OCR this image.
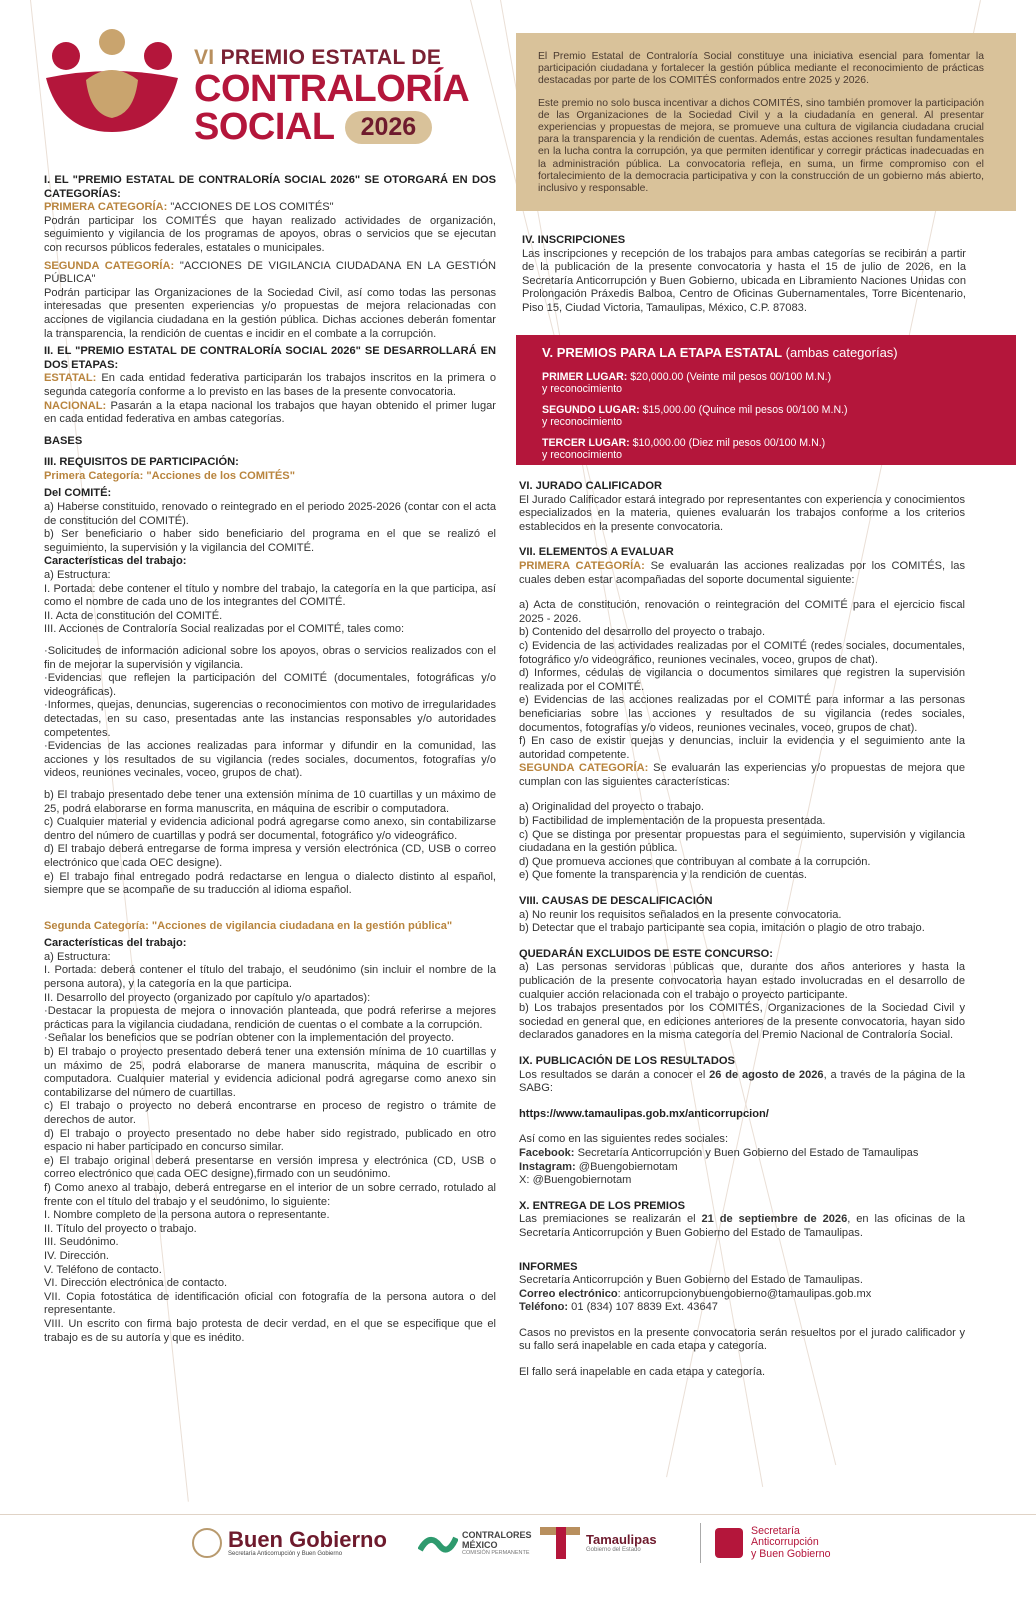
VI PREMIO ESTATAL DE
CONTRALORÍA
SOCIAL	2026

El Premio Estatal de Contraloría Social constituye una iniciativa esencial para fomentar la participación ciudadana y fortalecer la gestión pública mediante el reconocimiento de prácticas destacadas por parte de los COMITÉS conformados entre 2025 y 2026.

Este premio no solo busca incentivar a dichos COMITÉS, sino también promover la participación de las Organizaciones de la Sociedad Civil y a la ciudadanía en general. Al presentar experiencias y propuestas de mejora, se promueve una cultura de vigilancia ciudadana crucial para la transparencia y la rendición de cuentas. Además, estas acciones resultan fundamentales en la lucha contra la corrupción, ya que permiten identificar y corregir prácticas inadecuadas en la administración pública. La convocatoria refleja, en suma, un firme compromiso con el fortalecimiento de la democracia participativa y con la construcción de un gobierno más abierto, inclusivo y responsable.

I. EL "PREMIO ESTATAL DE CONTRALORÍA SOCIAL 2026" SE OTORGARÁ EN DOS CATEGORÍAS:

PRIMERA CATEGORÍA: "ACCIONES DE LOS COMITÉS"

Podrán participar los COMITÉS que hayan realizado actividades de organización, seguimiento y vigilancia de los programas de apoyos, obras o servicios que se ejecutan con recursos públicos federales, estatales o municipales.

SEGUNDA CATEGORÍA: "ACCIONES DE VIGILANCIA CIUDADANA EN LA GESTIÓN PÚBLICA"

Podrán participar las Organizaciones de la Sociedad Civil, así como todas las personas interesadas que presenten experiencias y/o propuestas de mejora relacionadas con acciones de vigilancia ciudadana en la gestión pública. Dichas acciones deberán fomentar la transparencia, la rendición de cuentas e incidir en el combate a la corrupción.

II. EL "PREMIO ESTATAL DE CONTRALORÍA SOCIAL 2026" SE DESARROLLARÁ EN DOS ETAPAS:

ESTATAL: En cada entidad federativa participarán los trabajos inscritos en la primera o segunda categoría conforme a lo previsto en las bases de la presente convocatoria.

NACIONAL: Pasarán a la etapa nacional los trabajos que hayan obtenido el primer lugar en cada entidad federativa en ambas categorías.

BASES

III. REQUISITOS DE PARTICIPACIÓN:

Primera Categoría: "Acciones de los COMITÉS"

Del COMITÉ:

a) Haberse constituido, renovado o reintegrado en el periodo 2025-2026 (contar con el acta de constitución del COMITÉ).

b) Ser beneficiario o haber sido beneficiario del programa en el que se realizó el seguimiento, la supervisión y la vigilancia del COMITÉ.

Características del trabajo:

a) Estructura:

I. Portada: debe contener el título y nombre del trabajo, la categoría en la que participa, así como el nombre de cada uno de los integrantes del COMITÉ.

II. Acta de constitución del COMITÉ.

III. Acciones de Contraloría Social realizadas por el COMITÉ, tales como:

·Solicitudes de información adicional sobre los apoyos, obras o servicios realizados con el fin de mejorar la supervisión y vigilancia.

·Evidencias que reflejen la participación del COMITÉ (documentales, fotográficas y/o videográficas).

·Informes, quejas, denuncias, sugerencias o reconocimientos con motivo de irregularidades detectadas, en su caso, presentadas ante las instancias responsables y/o autoridades competentes.

·Evidencias de las acciones realizadas para informar y difundir en la comunidad, las acciones y los resultados de su vigilancia (redes sociales, documentos, fotografías y/o videos, reuniones vecinales, voceo, grupos de chat).

b) El trabajo presentado debe tener una extensión mínima de 10 cuartillas y un máximo de 25, podrá elaborarse en forma manuscrita, en máquina de escribir o computadora.

c) Cualquier material y evidencia adicional podrá agregarse como anexo, sin contabilizarse dentro del número de cuartillas y podrá ser documental, fotográfico y/o videográfico.

d) El trabajo deberá entregarse de forma impresa y versión electrónica (CD, USB o correo electrónico que cada OEC designe).

e) El trabajo final entregado podrá redactarse en lengua o dialecto distinto al español, siempre que se acompañe de su traducción al idioma español.

Segunda Categoría: "Acciones de vigilancia ciudadana en la gestión pública"

Características del trabajo:

a) Estructura:

I. Portada: deberá contener el título del trabajo, el seudónimo (sin incluir el nombre de la persona autora), y la categoría en la que participa.

II. Desarrollo del proyecto (organizado por capítulo y/o apartados):

·Destacar la propuesta de mejora o innovación planteada, que podrá referirse a mejores prácticas para la vigilancia ciudadana, rendición de cuentas o el combate a la corrupción.

·Señalar los beneficios que se podrían obtener con la implementación del proyecto.

b) El trabajo o proyecto presentado deberá tener una extensión mínima de 10 cuartillas y un máximo de 25, podrá elaborarse de manera manuscrita, máquina de escribir o computadora. Cualquier material y evidencia adicional podrá agregarse como anexo sin contabilizarse del número de cuartillas.

c) El trabajo o proyecto no deberá encontrarse en proceso de registro o trámite de derechos de autor.

d) El trabajo o proyecto presentado no debe haber sido registrado, publicado en otro espacio ni haber participado en concurso similar.

e) El trabajo original deberá presentarse en versión impresa y electrónica (CD, USB o correo electrónico que cada OEC designe),firmado con un seudónimo.

f) Como anexo al trabajo, deberá entregarse en el interior de un sobre cerrado, rotulado al frente con el título del trabajo y el seudónimo, lo siguiente:

I. Nombre completo de la persona autora o representante.

II. Título del proyecto o trabajo.

III. Seudónimo.

IV. Dirección.

V. Teléfono de contacto.

VI. Dirección electrónica de contacto.

VII. Copia fotostática de identificación oficial con fotografía de la persona autora o del representante.

VIII. Un escrito con firma bajo protesta de decir verdad, en el que se especifique que el trabajo es de su autoría y que es inédito.

IV. INSCRIPCIONES

Las inscripciones y recepción de los trabajos para ambas categorías se recibirán a partir de la publicación de la presente convocatoria y hasta el 15 de julio de 2026, en la Secretaría Anticorrupción y Buen Gobierno, ubicada en Libramiento Naciones Unidas con Prolongación Práxedis Balboa, Centro de Oficinas Gubernamentales, Torre Bicentenario, Piso 15, Ciudad Victoria, Tamaulipas, México, C.P. 87083.

V. PREMIOS PARA LA ETAPA ESTATAL (ambas categorías)
PRIMER LUGAR: $20,000.00 (Veinte mil pesos 00/100 M.N.)
y reconocimiento
SEGUNDO LUGAR: $15,000.00 (Quince mil pesos 00/100 M.N.)
y reconocimiento
TERCER LUGAR: $10,000.00 (Diez mil pesos 00/100 M.N.)
y reconocimiento

VI. JURADO CALIFICADOR

El Jurado Calificador estará integrado por representantes con experiencia y conocimientos especializados en la materia, quienes evaluarán los trabajos conforme a los criterios establecidos en la presente convocatoria.

VII. ELEMENTOS A EVALUAR

PRIMERA CATEGORÍA: Se evaluarán las acciones realizadas por los COMITÉS, las cuales deben estar acompañadas del soporte documental siguiente:

a) Acta de constitución, renovación o reintegración del COMITÉ para el ejercicio fiscal 2025 - 2026.

b) Contenido del desarrollo del proyecto o trabajo.

c) Evidencia de las actividades realizadas por el COMITÉ (redes sociales, documentales, fotográfico y/o videográfico, reuniones vecinales, voceo, grupos de chat).

d) Informes, cédulas de vigilancia o documentos similares que registren la supervisión realizada por el COMITÉ.

e) Evidencias de las acciones realizadas por el COMITÉ para informar a las personas beneficiarias sobre las acciones y resultados de su vigilancia (redes sociales, documentos, fotografías y/o videos, reuniones vecinales, voceo, grupos de chat).

f) En caso de existir quejas y denuncias, incluir la evidencia y el seguimiento ante la autoridad competente.

SEGUNDA CATEGORÍA: Se evaluarán las experiencias y/o propuestas de mejora que cumplan con las siguientes características:

a) Originalidad del proyecto o trabajo.

b) Factibilidad de implementación de la propuesta presentada.

c) Que se distinga por presentar propuestas para el seguimiento, supervisión y vigilancia ciudadana en la gestión pública.

d) Que promueva acciones que contribuyan al combate a la corrupción.

e) Que fomente la transparencia y la rendición de cuentas.

VIII. CAUSAS DE DESCALIFICACIÓN

a) No reunir los requisitos señalados en la presente convocatoria.

b) Detectar que el trabajo participante sea copia, imitación o plagio de otro trabajo.

QUEDARÁN EXCLUIDOS DE ESTE CONCURSO:

a) Las personas servidoras públicas que, durante dos años anteriores y hasta la publicación de la presente convocatoria hayan estado involucradas en el desarrollo de cualquier acción relacionada con el trabajo o proyecto participante.

b) Los trabajos presentados por los COMITÉS, Organizaciones de la Sociedad Civil y sociedad en general que, en ediciones anteriores de la presente convocatoria, hayan sido declarados ganadores en la misma categoría del Premio Nacional de Contraloría Social.

IX. PUBLICACIÓN DE LOS RESULTADOS

Los resultados se darán a conocer el 26 de agosto de 2026, a través de la página de la SABG:

https://www.tamaulipas.gob.mx/anticorrupcion/

Así como en las siguientes redes sociales:

Facebook: Secretaría Anticorrupción y Buen Gobierno del Estado de Tamaulipas

Instagram: @Buengobiernotam

X: @Buengobiernotam

X. ENTREGA DE LOS PREMIOS

Las premiaciones se realizarán el 21 de septiembre de 2026, en las oficinas de la Secretaría Anticorrupción y Buen Gobierno del Estado de Tamaulipas.

INFORMES

Secretaría Anticorrupción y Buen Gobierno del Estado de Tamaulipas.

Correo electrónico: anticorrupcionybuengobierno@tamaulipas.gob.mx

Teléfono: 01 (834) 107 8839 Ext. 43647

Casos no previstos en la presente convocatoria serán resueltos por el jurado calificador y su fallo será inapelable en cada etapa y categoría.

El fallo será inapelable en cada etapa y categoría.

Buen Gobierno
Secretaría Anticorrupción y Buen Gobierno
CONTRALORES
MÉXICO
COMISIÓN PERMANENTE
Tamaulipas
Gobierno del Estado
Secretaría
Anticorrupción
y Buen Gobierno
